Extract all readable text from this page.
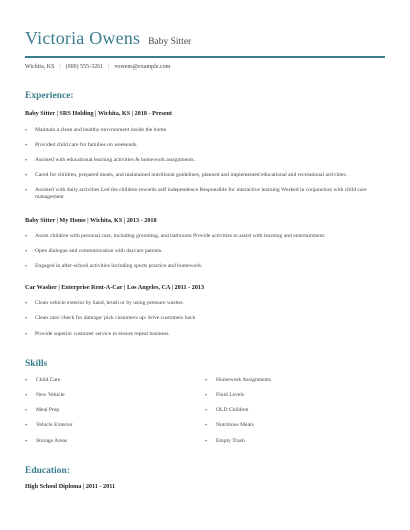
Victoria Owens Baby Sitter
Wichita, KS | (000) 555-3261 | vowens@example.com
Experience:
Baby Sitter | SRS Holding | Wichita, KS | 2018 - Present
• Maintain a clean and healthy environment inside the home.
• Provided child care for families on weekends.
• Assisted with educational learning activities & homework assignments.
• Cared for children, prepared meals, and maintained nutritional guidelines, planned and implemented educational and recreational activities.
• Assisted with daily activities Led the children towards self independence Responsible for interactive learning Worked in conjunction with child care management
Baby Sitter | My Home | Wichita, KS | 2013 - 2018
• Assist children with personal care, including grooming, and bathroom Provide activities to assist with learning and entertainment.
• Open dialogue and communication with daycare parents.
• Engaged in after-school activities including sports practice and homework.
Car Washer | Enterprise Rent-A-Car | Los Angeles, CA | 2011 - 2013
• Clean vehicle exterior by hand, brush or by using pressure washer.
• Clean cars/ check for damage/ pick customers up/ drive customers back
• Provide superior customer service to ensure repeat business.
Skills
• Child Care
• New Vehicle
• Meal Prep
• Vehicle Exterior
• Storage Areas
• Homework Assignments
• Fluid Levels
• OLD Children
• Nutritious Meals
• Empty Trash
Education:
High School Diploma | 2011 - 2011
